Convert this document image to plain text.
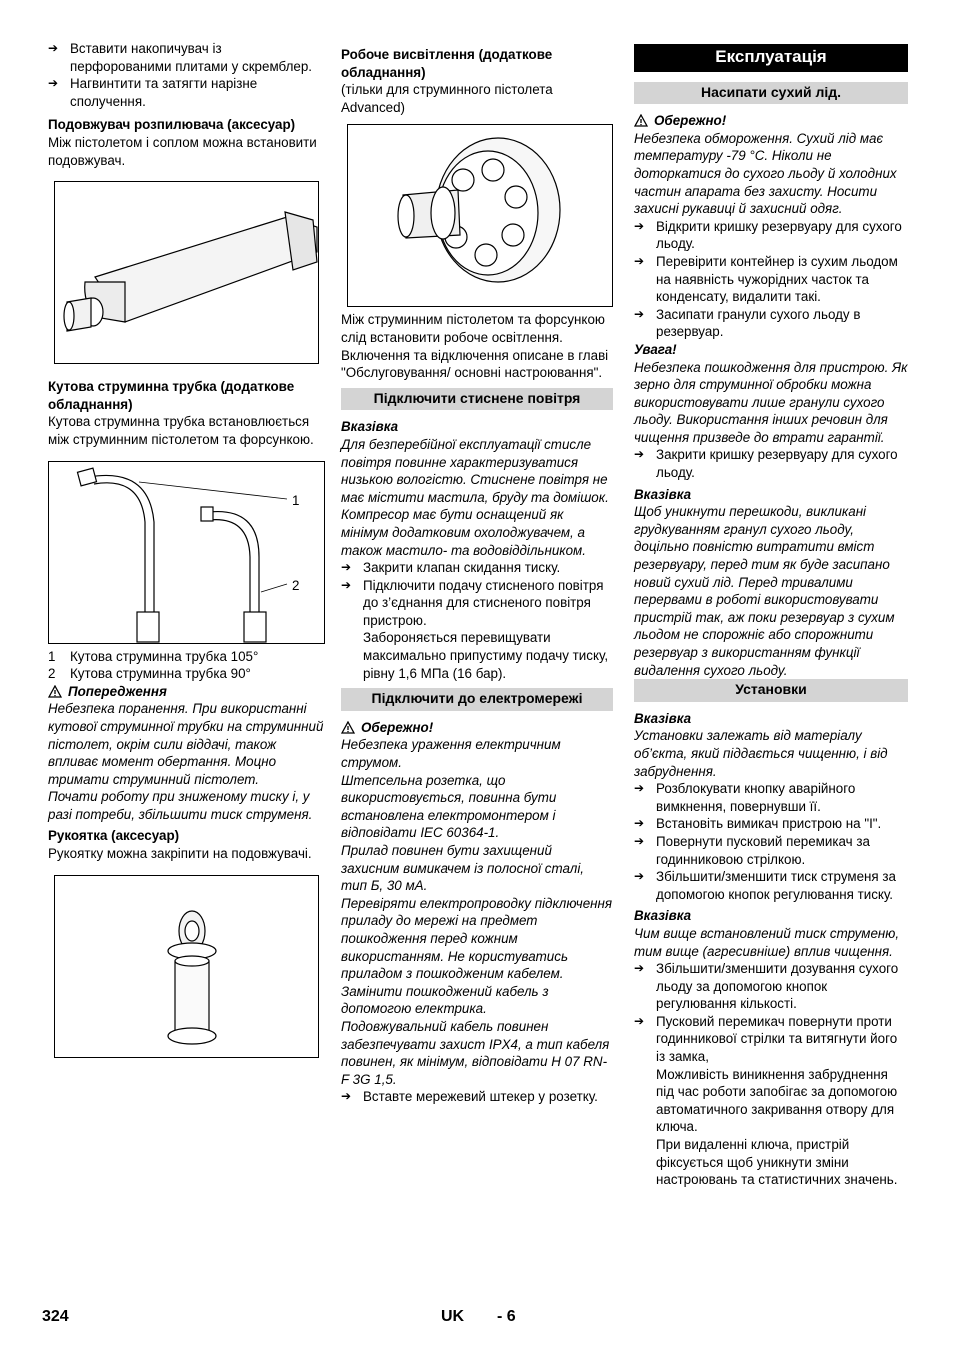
➔ Вставити накопичувач із перфорованими плитами у скремблер.

➔ Нагвинтити та затягти нарізне сполучення.

Подовжувач розпилювача (аксесуар)

Між пістолетом і соплом можна встановити подовжувач.

Кутова струминна трубка (додаткове обладнання)

Кутова струминна трубка встановлюється між струминним пістолетом та форсункою.

1
2

1	Кутова струминна трубка 105°

2	Кутова струминна трубка 90°

Попередження

Небезпека поранення. При використанні кутової струминної трубки на струминний пістолет, окрім сили віддачі, також впливає момент обертання. Моцно тримати струминний пістолет.

Почати роботу при зниженому тиску і, у разі потреби, збільшити тиск струменя.

Рукоятка (аксесуар)

Рукоятку можна закріпити на подовжувачі.

Робоче висвітлення (додаткове обладнання)

(тільки для струминного пістолета Advanced)

Між струминним пістолетом та форсункою слід встановити робоче освітлення. Включення та відключення описане в главі "Обслуговування/ основні настроювання".

Підключити стиснене повітря

Вказівка

Для безперебійної експлуатації стисле повітря повинне характеризуватися низькою вологістю. Стиснене повітря не має містити мастила, бруду та домішок.

Компресор має бути оснащений як мінімум додатковим охолоджувачем, а також мастило- та водовіддільником.

➔ Закрити клапан скидання тиску.

➔ Підключити подачу стисненого повітря до з’єднання для стисненого повітря пристрою.

Забороняється перевищувати максимально припустиму подачу тиску, рівну 1,6 МПа (16 бар).

Підключити до електромережі

Обережно!

Небезпека ураження електричним струмом.

Штепсельна розетка, що використовується, повинна бути встановлена електромонтером і відповідати IEC 60364-1.

Прилад повинен бути захищений захисним вимикачем із полосної сталі, тип Б, 30 мА.

Перевіряти електропроводку підключення приладу до мережі на предмет пошкодження перед кожним використанням. Не користуватись приладом з пошкодженим кабелем. Замінити пошкоджений кабель з допомогою електрика.

Подовжувальний кабель повинен забезпечувати захист IPX4, а тип кабеля повинен, як мінімум, відповідати H 07 RN-F 3G 1,5.

➔ Вставте мережевий штекер у розетку.

Експлуатація
Насипати сухий лід.

Обережно!

Небезпека обмороження. Сухий лід має температуру -79 °C. Ніколи не доторкатися до сухого льоду й холодних частин апарата без захисту. Носити захисні рукавиці й захисний одяг.

➔ Відкрити кришку резервуару для сухого льоду.

➔ Перевірити контейнер із сухим льодом на наявність чужорідних часток та конденсату, видалити такі.

➔ Засипати гранули сухого льоду в резервуар.

Увага!

Небезпека пошкодження для пристрою. Як зерно для струминної обробки можна використовувати лише гранули сухого льоду. Використання інших речовин для чищення призведе до втрати гарантії.

➔ Закрити кришку резервуару для сухого льоду.

Вказівка

Щоб уникнути перешкоди, викликані грудкуванням гранул сухого льоду, доцільно повністю витратити вміст резервуару, перед тим як буде засипано новий сухий лід. Перед тривалими перервами в роботі використовувати пристрій так, аж поки резервуар з сухим льодом не спорожніє або спорожнити резервуар з використанням функції видалення сухого льоду.

Установки

Вказівка

Установки залежать від матеріалу об’єкта, який піддається чищенню, і від забруднення.

➔ Розблокувати кнопку аварійного вимкнення, повернувши її.

➔ Встановіть вимикач пристрою на "I".

➔ Повернути пусковий перемикач за годинниковою стрілкою.

➔ Збільшити/зменшити тиск струменя за допомогою кнопок регулювання тиску.

Вказівка

Чим вище встановлений тиск струменю, тим вище (агресивніше) вплив чищення.

➔ Збільшити/зменшити дозування сухого льоду за допомогою кнопок регулювання кількості.

➔ Пусковий перемикач повернути проти годинникової стрілки та витягнути його із замка,

Можливість виникнення забруднення під час роботи запобігає за допомогою автоматичного закривання отвору для ключа.

При видаленні ключа, пристрій фіксується щоб уникнути зміни настроювань та статистичних значень.

324	UK - 6
